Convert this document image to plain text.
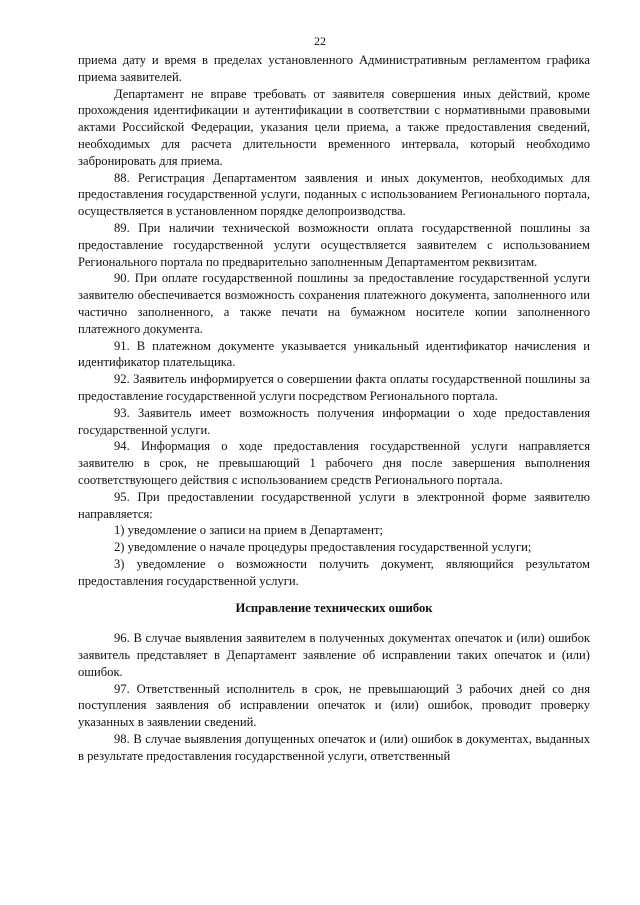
22

приема дату и время в пределах установленного Административным регламентом графика приема заявителей.

Департамент не вправе требовать от заявителя совершения иных действий, кроме прохождения идентификации и аутентификации в соответствии с нормативными правовыми актами Российской Федерации, указания цели приема, а также предоставления сведений, необходимых для расчета длительности временного интервала, который необходимо забронировать для приема.

88. Регистрация Департаментом заявления и иных документов, необходимых для предоставления государственной услуги, поданных с использованием Регионального портала, осуществляется в установленном порядке делопроизводства.

89. При наличии технической возможности оплата государственной пошлины за предоставление государственной услуги осуществляется заявителем с использованием Регионального портала по предварительно заполненным Департаментом реквизитам.

90. При оплате государственной пошлины за предоставление государственной услуги заявителю обеспечивается возможность сохранения платежного документа, заполненного или частично заполненного, а также печати на бумажном носителе копии заполненного платежного документа.

91. В платежном документе указывается уникальный идентификатор начисления и идентификатор плательщика.

92. Заявитель информируется о совершении факта оплаты государственной пошлины за предоставление государственной услуги посредством Регионального портала.

93. Заявитель имеет возможность получения информации о ходе предоставления государственной услуги.

94. Информация о ходе предоставления государственной услуги направляется заявителю в срок, не превышающий 1 рабочего дня после завершения выполнения соответствующего действия с использованием средств Регионального портала.

95. При предоставлении государственной услуги в электронной форме заявителю направляется:

1) уведомление о записи на прием в Департамент;

2) уведомление о начале процедуры предоставления государственной услуги;

3) уведомление о возможности получить документ, являющийся результатом предоставления государственной услуги.

Исправление технических ошибок

96. В случае выявления заявителем в полученных документах опечаток и (или) ошибок заявитель представляет в Департамент заявление об исправлении таких опечаток и (или) ошибок.

97. Ответственный исполнитель в срок, не превышающий 3 рабочих дней со дня поступления заявления об исправлении опечаток и (или) ошибок, проводит проверку указанных в заявлении сведений.

98. В случае выявления допущенных опечаток и (или) ошибок в документах, выданных в результате предоставления государственной услуги, ответственный
